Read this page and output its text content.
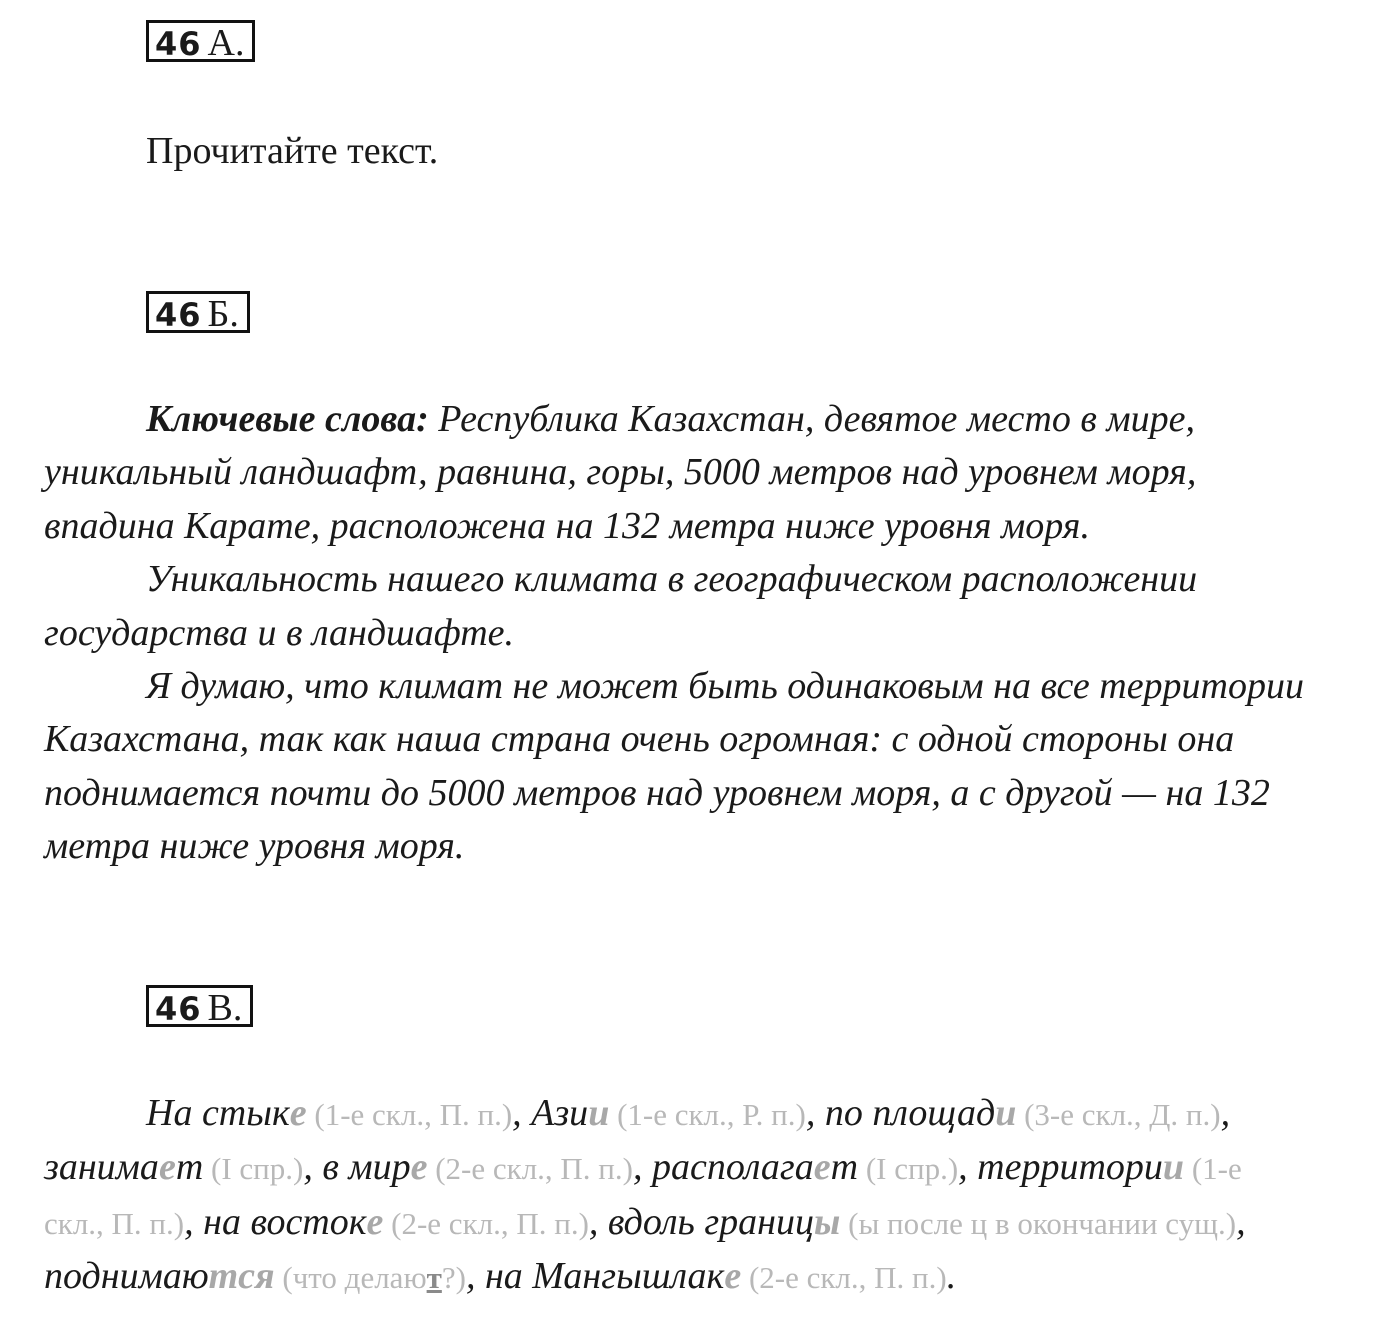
46 А.
Прочитайте текст.
46 Б.
Ключевые слова: Республика Казахстан, девятое место в мире,
уникальный ландшафт, равнина, горы, 5000 метров над уровнем моря,
впадина Карате, расположена на 132 метра ниже уровня моря.
Уникальность нашего климата в географическом расположении
государства и в ландшафте.
Я думаю, что климат не может быть одинаковым на все территории
Казахстана, так как наша страна очень огромная: с одной стороны она
поднимается почти до 5000 метров над уровнем моря, а с другой — на 132
метра ниже уровня моря.
46 В.
На стыке (1-е скл., П. п.), Азии (1-е скл., Р. п.), по площади (3-е скл., Д. п.),
занимает (I спр.), в мире (2-е скл., П. п.), располагает (I спр.), территории (1-е
скл., П. п.), на востоке (2-е скл., П. п.), вдоль границы (ы после ц в окончании сущ.),
поднимаются (что делают?), на Мангышлаке (2-е скл., П. п.).
